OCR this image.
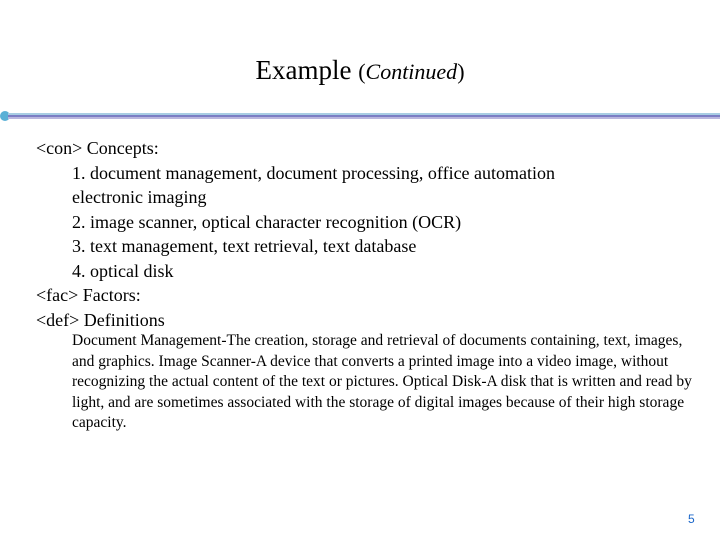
Example (Continued)
<con> Concepts:
1. document management, document processing, office automation
electronic imaging
2. image scanner, optical character recognition (OCR)
3. text management, text retrieval, text database
4. optical disk
<fac> Factors:
<def> Definitions
Document Management-The creation, storage and retrieval of documents containing, text, images, and graphics. Image Scanner-A device that converts a printed image into a video image, without recognizing the actual content of the text or pictures. Optical Disk-A disk that is written and read by light, and are sometimes associated with the storage of digital images because of their high storage capacity.
5
